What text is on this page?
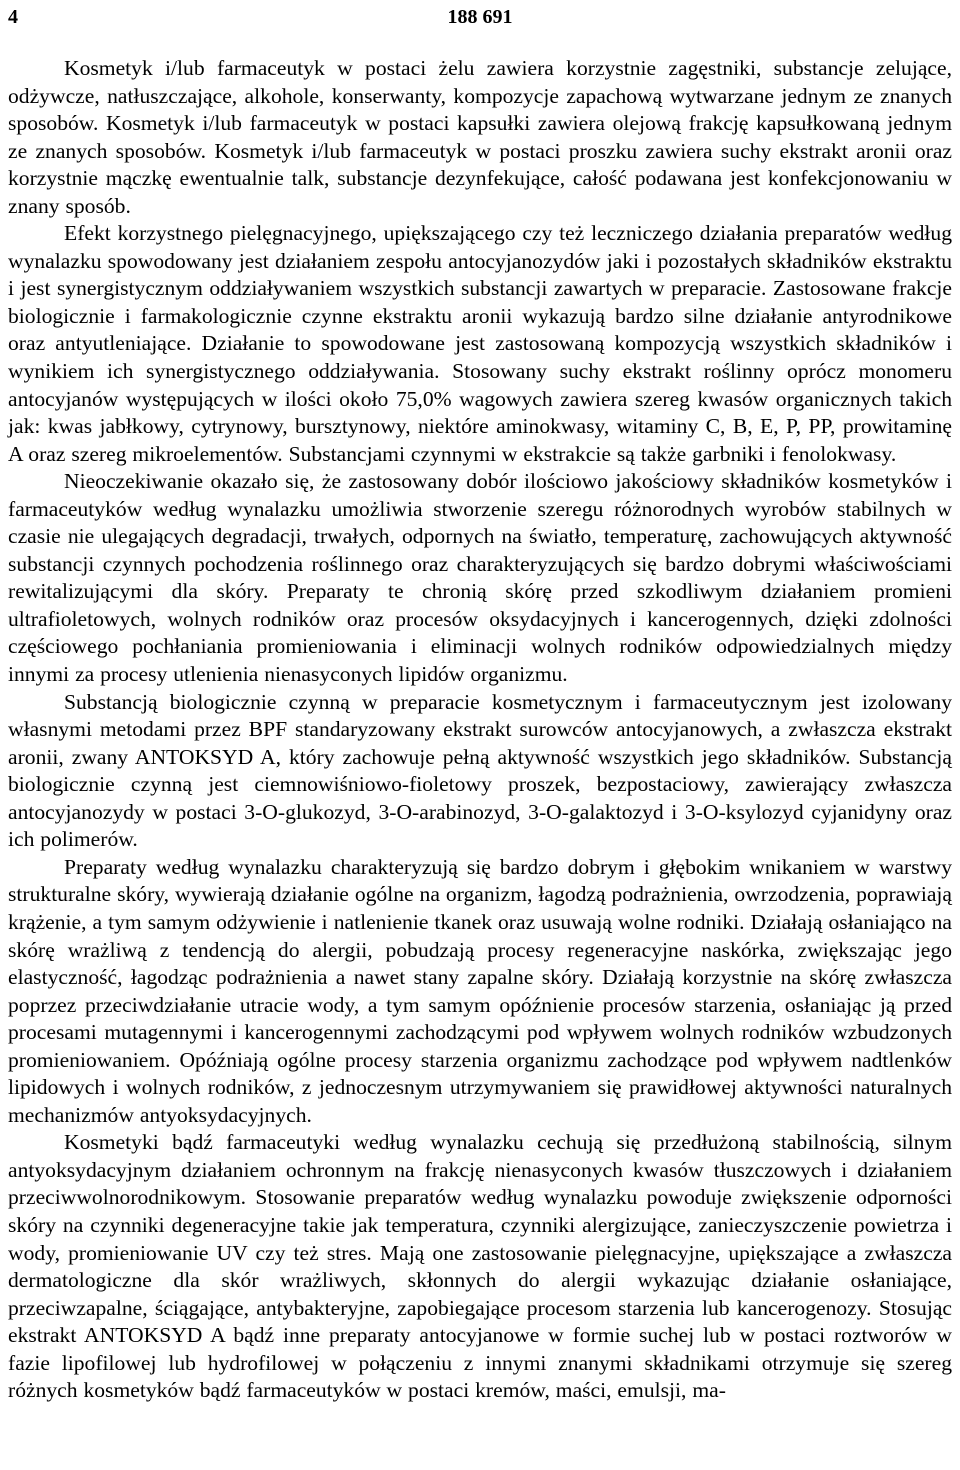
4	188 691

Kosmetyk i/lub farmaceutyk w postaci żelu zawiera korzystnie zagęstniki, substancje zelujące, odżywcze, natłuszczające, alkohole, konserwanty, kompozycje zapachową wytwarzane jednym ze znanych sposobów. Kosmetyk i/lub farmaceutyk w postaci kapsułki zawiera olejową frakcję kapsułkowaną jednym ze znanych sposobów. Kosmetyk i/lub farmaceutyk w postaci proszku zawiera suchy ekstrakt aronii oraz korzystnie mączkę ewentualnie talk, substancje dezynfekujące, całość podawana jest konfekcjonowaniu w znany sposób.

Efekt korzystnego pielęgnacyjnego, upiększającego czy też leczniczego działania preparatów według wynalazku spowodowany jest działaniem zespołu antocyjanozydów jaki i pozostałych składników ekstraktu i jest synergistycznym oddziaływaniem wszystkich substancji zawartych w preparacie. Zastosowane frakcje biologicznie i farmakologicznie czynne ekstraktu aronii wykazują bardzo silne działanie antyrodnikowe oraz antyutleniające. Działanie to spowodowane jest zastosowaną kompozycją wszystkich składników i wynikiem ich synergistycznego oddziaływania. Stosowany suchy ekstrakt roślinny oprócz monomeru antocyjanów występujących w ilości około 75,0% wagowych zawiera szereg kwasów organicznych takich jak: kwas jabłkowy, cytrynowy, bursztynowy, niektóre aminokwasy, witaminy C, B, E, P, PP, prowitaminę A oraz szereg mikroelementów. Substancjami czynnymi w ekstrakcie są także garbniki i fenolokwasy.

Nieoczekiwanie okazało się, że zastosowany dobór ilościowo jakościowy składników kosmetyków i farmaceutyków według wynalazku umożliwia stworzenie szeregu różnorodnych wyrobów stabilnych w czasie nie ulegających degradacji, trwałych, odpornych na światło, temperaturę, zachowujących aktywność substancji czynnych pochodzenia roślinnego oraz charakteryzujących się bardzo dobrymi właściwościami rewitalizującymi dla skóry. Preparaty te chronią skórę przed szkodliwym działaniem promieni ultrafioletowych, wolnych rodników oraz procesów oksydacyjnych i kancerogennych, dzięki zdolności częściowego pochłaniania promieniowania i eliminacji wolnych rodników odpowiedzialnych między innymi za procesy utlenienia nienasyconych lipidów organizmu.

Substancją biologicznie czynną w preparacie kosmetycznym i farmaceutycznym jest izolowany własnymi metodami przez BPF standaryzowany ekstrakt surowców antocyjanowych, a zwłaszcza ekstrakt aronii, zwany ANTOKSYD A, który zachowuje pełną aktywność wszystkich jego składników. Substancją biologicznie czynną jest ciemnowiśniowo-fioletowy proszek, bezpostaciowy, zawierający zwłaszcza antocyjanozydy w postaci 3-O-glukozyd, 3-O-arabinozyd, 3-O-galaktozyd i 3-O-ksylozyd cyjanidyny oraz ich polimerów.

Preparaty według wynalazku charakteryzują się bardzo dobrym i głębokim wnikaniem w warstwy strukturalne skóry, wywierają działanie ogólne na organizm, łagodzą podrażnienia, owrzodzenia, poprawiają krążenie, a tym samym odżywienie i natlenienie tkanek oraz usuwają wolne rodniki. Działają osłaniająco na skórę wrażliwą z tendencją do alergii, pobudzają procesy regeneracyjne naskórka, zwiększając jego elastyczność, łagodząc podrażnienia a nawet stany zapalne skóry. Działają korzystnie na skórę zwłaszcza poprzez przeciwdziałanie utracie wody, a tym samym opóźnienie procesów starzenia, osłaniając ją przed procesami mutagennymi i kancerogennymi zachodzącymi pod wpływem wolnych rodników wzbudzonych promieniowaniem. Opóźniają ogólne procesy starzenia organizmu zachodzące pod wpływem nadtlenków lipidowych i wolnych rodników, z jednoczesnym utrzymywaniem się prawidłowej aktywności naturalnych mechanizmów antyoksydacyjnych.

Kosmetyki bądź farmaceutyki według wynalazku cechują się przedłużoną stabilnością, silnym antyoksydacyjnym działaniem ochronnym na frakcję nienasyconych kwasów tłuszczowych i działaniem przeciwwolnorodnikowym. Stosowanie preparatów według wynalazku powoduje zwiększenie odporności skóry na czynniki degeneracyjne takie jak temperatura, czynniki alergizujące, zanieczyszczenie powietrza i wody, promieniowanie UV czy też stres. Mają one zastosowanie pielęgnacyjne, upiększające a zwłaszcza dermatologiczne dla skór wrażliwych, skłonnych do alergii wykazując działanie osłaniające, przeciwzapalne, ściągające, antybakteryjne, zapobiegające procesom starzenia lub kancerogenozy. Stosując ekstrakt ANTOKSYD A bądź inne preparaty antocyjanowe w formie suchej lub w postaci roztworów w fazie lipofilowej lub hydrofilowej w połączeniu z innymi znanymi składnikami otrzymuje się szereg różnych kosmetyków bądź farmaceutyków w postaci kremów, maści, emulsji, ma-
